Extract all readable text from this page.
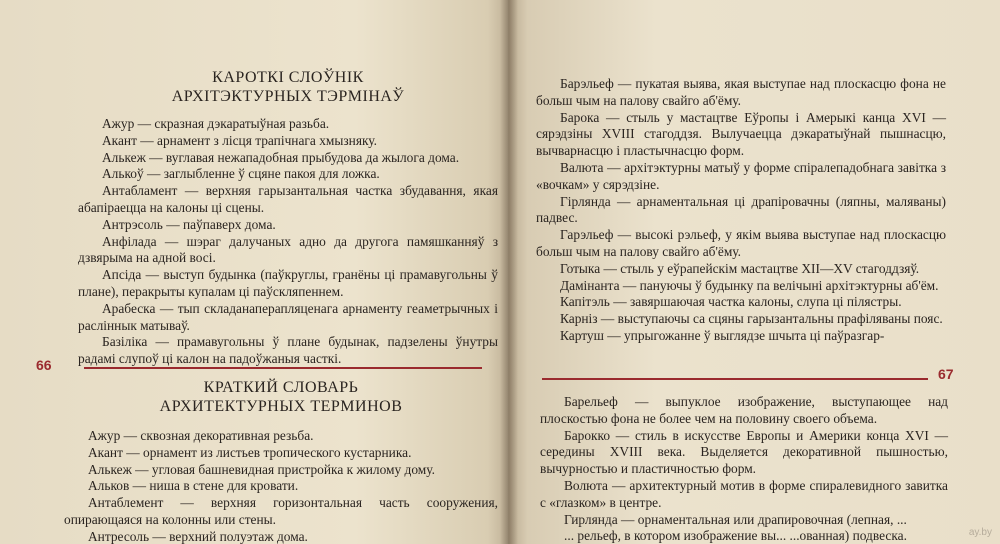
КАРОТКІ СЛОЎНІК

АРХІТЭКТУРНЫХ ТЭРМІНАЎ

Ажур — скразная дэкаратыўная разьба.

Акант — арнамент з лісця трапічнага хмызняку.

Алькеж — вуглавая нежападобная прыбудова да жылога дома.

Алькоў — заглыбленне ў сцяне пакоя для ложка.

Антабламент — верхняя гарызантальная частка збудавання, якая абапіраецца на калоны ці сцены.

Антрэсоль — паўпаверх дома.

Анфілада — шэраг далучаных адно да другога памяшканняў з дзвярыма на адной восі.

Апсіда — выступ будынка (паўкруглы, гранёны ці прамавугольны ў плане), перакрыты купалам ці паўскляпеннем.

Арабеска — тып складанаперапляценага арнаменту геаметрычных і расліннык матываў.

Базіліка — прамавугольны ў плане будынак, падзелены ўнутры радамі слупоў ці калон на падоўжаныя часткі.

66

КРАТКИЙ СЛОВАРЬ

АРХИТЕКТУРНЫХ ТЕРМИНОВ

Ажур — сквозная декоративная резьба.

Акант — орнамент из листьев тропического кустарника.

Алькеж — угловая башневидная пристройка к жилому дому.

Альков — ниша в стене для кровати.

Антаблемент — верхняя горизонтальная часть сооружения, опирающаяся на колонны или стены.

Антресоль — верхний полуэтаж дома.

Барэльеф — пукатая выява, якая выступае над плоскасцю фона не больш чым на палову свайго аб'ёму.

Барока — стыль у мастацтве Еўропы і Амерыкі канца XVI — сярэдзіны XVIII стагоддзя. Вылучаецца дэкаратыўнай пышнасцю, вычварнасцю і пластычнасцю форм.

Валюта — архітэктурны матыў у форме спіралепадобнага завітка з «вочкам» у сярэдзіне.

Гірлянда — арнаментальная ці драпіровачны (ляпны, маляваны) падвес.

Гарэльеф — высокі рэльеф, у якім выява выступае над плоскасцю больш чым на палову свайго аб'ёму.

Готыка — стыль у еўрапейскім мастацтве XII—XV стагоддзяў.

Дамінанта — пануючы ў будынку па велічыні архітэктурны аб'ём.

Капітэль — завяршаючая частка калоны, слупа ці пілястры.

Карніз — выступаючы са сцяны гарызантальны прафіляваны пояс.

Картуш — упрыгожанне ў выглядзе шчыта ці паўразгар-

67

Барельеф — выпуклое изображение, выступающее над плоскостью фона не более чем на половину своего объема.

Барокко — стиль в искусстве Европы и Америки конца XVI — середины XVIII века. Выделяется декоративной пышностью, вычурностью и пластичностью форм.

Волюта — архитектурный мотив в форме спиралевидного завитка с «глазком» в центре.

Гирлянда — орнаментальная или драпировочная (лепная, ...

... рельеф, в котором изображение вы... ...ованная) подвеска.	ay.by
